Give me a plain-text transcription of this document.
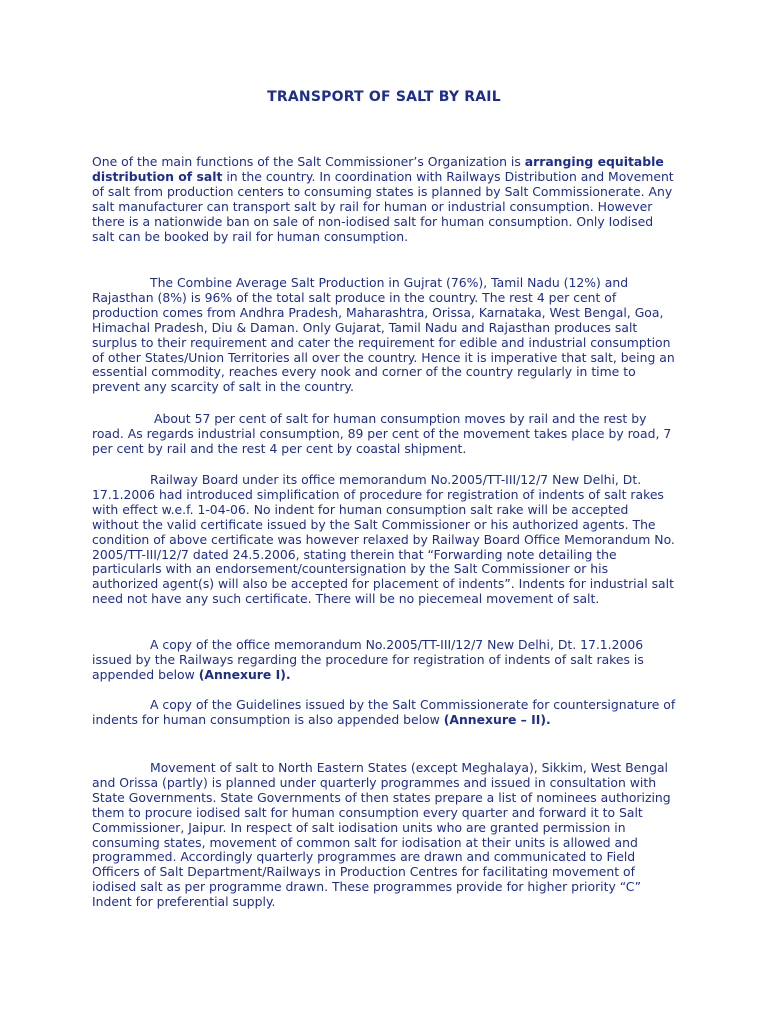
TRANSPORT OF SALT BY RAIL

One of the main functions of the Salt Commissioner’s Organization is arranging equitable distribution of salt in the country. In coordination with Railways Distribution and Movement of salt from production centers to consuming states is planned by Salt Commissionerate. Any salt manufacturer can transport salt by rail for human or industrial consumption. However there is a nationwide ban on sale of non-iodised salt for human consumption. Only Iodised salt can be booked by rail for human consumption.

The Combine Average Salt Production in Gujrat (76%), Tamil Nadu (12%) and Rajasthan (8%) is 96% of the total salt produce in the country. The rest 4 per cent of production comes from Andhra Pradesh, Maharashtra, Orissa, Karnataka, West Bengal, Goa, Himachal Pradesh, Diu & Daman. Only Gujarat, Tamil Nadu and Rajasthan produces salt surplus to their requirement and cater the requirement for edible and industrial consumption of other States/Union Territories all over the country. Hence it is imperative that salt, being an essential commodity, reaches every nook and corner of the country regularly in time to prevent any scarcity of salt in the country.

About 57 per cent of salt for human consumption moves by rail and the rest by road. As regards industrial consumption, 89 per cent of the movement takes place by road, 7 per cent by rail and the rest 4 per cent by coastal shipment.

Railway Board under its office memorandum No.2005/TT-III/12/7 New Delhi, Dt. 17.1.2006 had introduced simplification of procedure for registration of indents of salt rakes with effect w.e.f. 1-04-06. No indent for human consumption salt rake will be accepted without the valid certificate issued by the Salt Commissioner or his authorized agents. The condition of above certificate was however relaxed by Railway Board Office Memorandum No. 2005/TT-III/12/7 dated 24.5.2006, stating therein that “Forwarding note detailing the particularls with an endorsement/countersignation by the Salt Commissioner or his authorized agent(s) will also be accepted for placement of indents”. Indents for industrial salt need not have any such certificate. There will be no piecemeal movement of salt.

A copy of the office memorandum No.2005/TT-III/12/7 New Delhi, Dt. 17.1.2006 issued by the Railways regarding the procedure for registration of indents of salt rakes is appended below (Annexure I).

A copy of the Guidelines issued by the Salt Commissionerate for countersignature of indents for human consumption is also appended below (Annexure – II).

Movement of salt to North Eastern States (except Meghalaya), Sikkim, West Bengal and Orissa (partly) is planned under quarterly programmes and issued in consultation with State Governments. State Governments of then states prepare a list of nominees authorizing them to procure iodised salt for human consumption every quarter and forward it to Salt Commissioner, Jaipur. In respect of salt iodisation units who are granted permission in consuming states, movement of common salt for iodisation at their units is allowed and programmed. Accordingly quarterly programmes are drawn and communicated to Field Officers of Salt Department/Railways in Production Centres for facilitating movement of iodised salt as per programme drawn. These programmes provide for higher priority “C” Indent for preferential supply.
